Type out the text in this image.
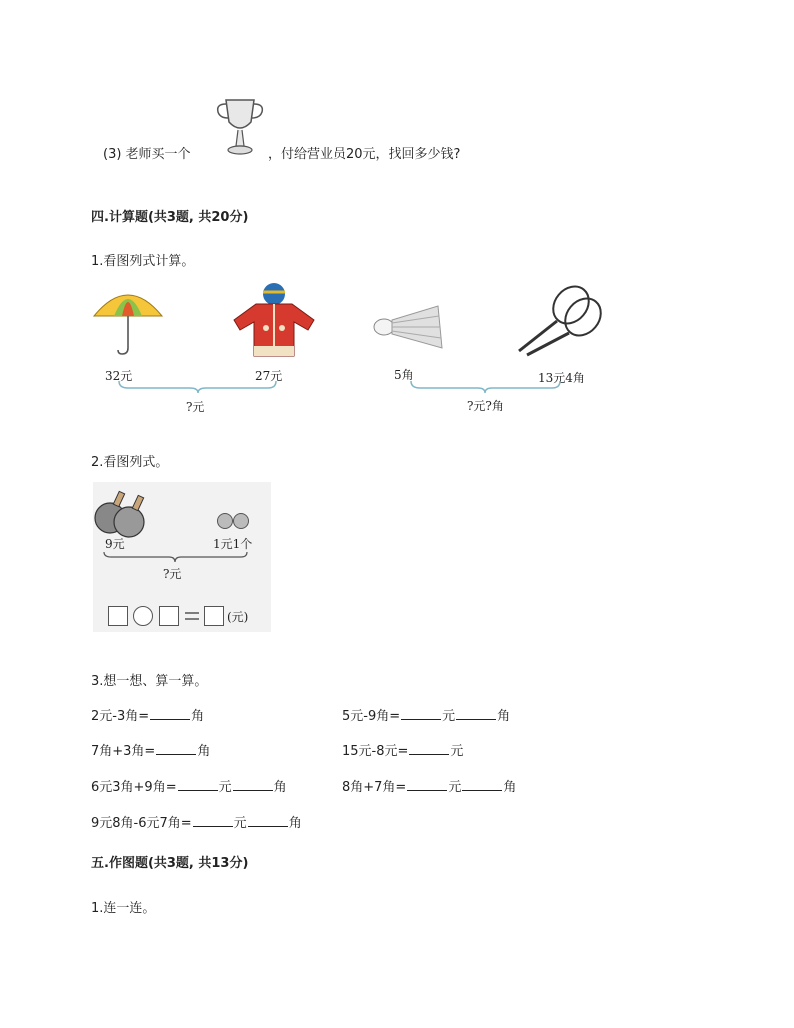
(3) 老师买一个	，付给营业员20元，找回多少钱?
四.计算题(共3题, 共20分)
1.看图列式计算。
32元	27元	5角	13元4角
?元	?元?角
2.看图列式。
9元	1元1个
?元
(元)
3.想一想、算一算。
2元-3角=	角	5元-9角=	元	角
7角+3角=	角	15元-8元=	元
6元3角+9角=	元	角	8角+7角=	元	角
9元8角-6元7角=	元	角
五.作图题(共3题, 共13分)
1.连一连。
